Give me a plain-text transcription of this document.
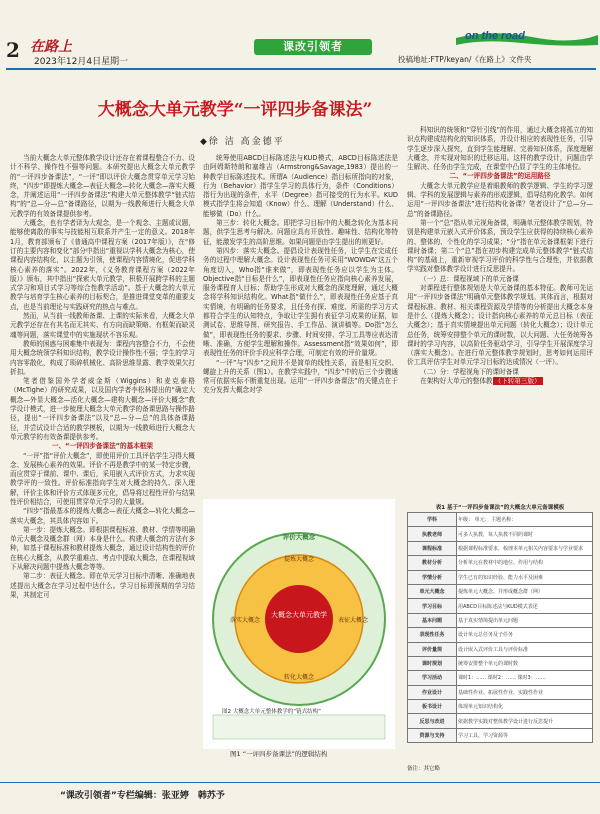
2 在路上
2023年12月4日星期一
课改引领者
on the road
投稿地址:FTP/keyan/《在路上》文件夹
大概念大单元教学“一评四步备课法”
◆徐 洁 高金德平

当前大概念大单元整体教学设计还存在着课程整合不力、设计不科学、操作性不强等问题。本研究提出大概念大单元教学的“一评四步备课法”，“一评”即以评价大概念贯穿单元学习始终，“四步”即提炼大概念—表征大概念—转化大概念—落实大概念，并阐述运用“一评四步备课法”构建大单元整体教学“链式结构”的“总—分—总”备课路径，以期为一线教师进行大概念大单元教学的有效备课提供参考。

大概念，也有学者译为大观念，是一个观念、主题或议题，能够使离散的事实与技能相互联系并产生一定的意义。2018年1月，教育部颁布了《普通高中课程方案（2017年版）》，在“修订的主要内容和变化”部分中指出“重视以学科大概念为核心，使课程内容结构化，以主题为引领，使课程内容情境化，促进学科核心素养的落实”。2022年，《义务教育课程方案（2022年版）》颁布，其中指出“探索大单元教学，积极开展跨学科的主题式学习和项目式学习等综合性教学活动”。基于大概念的大单元教学与培育学生核心素养的目标契合，是推进课堂变革的重要支点，也是当前理论与实践研究的热点与难点。

然而，从当前一线教师备课、上课的实际来看，大概念大单元教学还存在有其名而无其实、有方向而缺策略、有框架而缺灵魂等问题，落实课堂中的实施现状不容乐观。

教师的困惑与困难集中表现为：课程内容整合不力，不会使用大概念统领学科知识结构，教学设计操作性不强；学生的学习内容零散化，构成了琐碎机械化、高阶思维显露、教学效果欠打折扣。

笔者借鉴国外学者威金斯（Wiggins）和麦克泰格（McTighe）的研究成果，以及国内学者李松林提出的“确定大概念—外显大概念—活化大概念—建构大概念—评价大概念”教学设计模式，进一步梳理大概念大单元教学的备课思路与操作路径，提出“一评四步备课法”以及“总—分—总”的具体备课路径，并尝试设计合适的教学模板，以期为一线教师进行大概念大单元教学的有效备课提供参考。

一、“一评四步备课法”的基本框架

“一评”指“评价大概念”，即使用评价工具评估学生习得大概念、发展核心素养的效果。评价不再是教学中的某一特定步骤，而应贯穿于课前、课中、课后，采用嵌入式评价方式，力求实现教学评的一致性。评价标准指向学生对大概念的持久、深入理解，评价主体和评价方式体现多元化，倡导将过程性评价与结果性评价相结合，可使用贯穿单元学习的大量规。

“四步”指最基本的提炼大概念—表征大概念—转化大概念—落实大概念，其具体内容如下。

第一步：提炼大概念。即根据课程标准、教材、学情等明确单元大概念及概念群（网）本身是什么。构建大概念的方法有多种，如基于课程标准和教材提炼大概念，通过设计结构性的评价在核心大概念，从教学重难点、考点中提取大概念，在课程视域下从解决问题中提炼大概念等等。

第二步：表征大概念。即在单元学习目标中清晰、准确地表述提出大概念在学习过程中达什么。学习目标即预期的学习结果，其制定可

统筹使用ABCD目标陈述法与KUD模式，ABCD目标陈述法是由阿姆斯特朗和塞维吉（Armstrong&Savage,1983）提出的一种教学目标陈述技术。所谓A（Audience）指目标所指向的对象，行为（Behavior）指学生学习的具体行为，条件（Conditions）指行为出现的条件，水平（Degree）指可接受的行为水平。KUD模式指学生将会知道（Know）什么、理解（Understand）什么、能够做（Do）什么。

第三步：转化大概念。即把学习目标中的大概念转化为基本问题，供学生思考与解决。问题应具有开放性、趣味性、结构化等特征，能激发学生的高阶思维。如果问题是由学生提出的则更好。

第四步：落实大概念。提倡设计表现性任务，让学生在完成任务的过程中理解大概念。设计表现性任务可采用“WOWDA”这五个角度切入，Who指“谁来做”，即表现性任务应以学生为主体。Objective指“目标是什么”，即表现性任务应指向核心素养发展，服务课程育人目标；帮助学生形成对大概念的深度理解，通过大概念将学科知识结构化。What指“做什么”，即表现性任务应基于真实情境，有明确的任务要求，且任务有探、难度、所需的学习方式都符合学生的认知特点，争取让学生拥有表征学习成果的证据，如测试卷、思维导图、研究报告、手工作品、演讲稿等。Do指“怎么做”，即表现性任务的要求、步骤、时间安排、学习工具等应表达清晰、准确，方便学生理解和操作。Assessment指“效果如何”，即表现性任务的评价手段应科学合理，可制定有效的评价量规。

“一评”与“四步”之间并不是简单的线性关系，而是相互交织、螺旋上升的关系（图1）。在教学实践中，“四步”中的后三个步骤通常可依据实际不断重复出现。运用“一评四步备课法”的关键点在于充分发挥大概念对学

科知识的统领和“穿针引线”的作用，通过大概念将孤立的知识点构建成结构化的知识体系，并设计相应的表现性任务，引导学生逐步深入探究，直到学生能理解、完善知识体系，深度理解大概念，并实现对知识的迁移运用。这样的教学设计，问题由学生解决、任务由学生完成，在课堂中凸显了学生的主体地位。

二、“一评四步备课法”的运用路径

大概念大单元教学应是着眼教师的教学逻辑、学生的学习逻辑、学科的发展逻辑与素养的形成逻辑，倡导结构化教学。如何运用“一评四步备课法”进行结构化备课？笔者设计了“总—分—总”的备课路径。

第一个“总”指从单元视角备课，明确单元整体教学规划，特别是构建单元嵌入式评价体系，预设学生应获得的持续核心素养的、整体的、个性化的学习成果；“分”指在单元备课框架下进行课时备课；第二个“总”指在初步构建完成单元整体教学“链式结构”的基础上，重新审视学习评价的科学性与合理性，并依据教学实践对整体教学设计进行反思提升。

（一）总：课程视域下的单元备课

对课程进行整体规划是大单元备课的基本特征。教师可先运用“一评四步备课法”明确单元整体教学规划。其体而言，根据对课程标准、教材、相关课程资源及学情等的分析提出大概念本身是什么（提炼大概念）；设计指向核心素养的单元总目标（表征大概念）；基于真实情境提出单元问题（转化大概念）；设计单元总任务，统筹安排整个单元的课时数，以大问题、大任务统筹各课时的学习内容，以高阶任务驱动学习，引导学生开展深度学习（落实大概念）。在进行单元整体教学规划时，思考如何运用评价工具评估学生对单元学习目标的达成情况（一评）。

（二）分：学程视角下的课时备课

在架构好大单元的整体教 （下转第三版）

大概念大单元教学
提炼大概念
表征大概念
转化大概念
落实大概念
评价大概念
图2 大概念大单元整体教学的“链式结构”
图1 “一评四步备课法”的逻辑结构
表1 基于“一评四步备课法”的大概念大单元备课模板
学科	年级： 单元： 主题名称：
执教老师	可多人执教，每人执教不同的课时
课程标准	根据课程标准要求，梳理本单元相关内容要求与学业要求
教材分析	分析单元在教材中的地位、作用与结构
学情分析	学生已有的知识经验、能力水平及困难
单元大概念	提炼单元大概念，并形成概念群（网）
学习目标	用ABCD目标陈述法与KUD模式表述
基本问题	基于真实情境提出单元问题
表现性任务	设计单元总任务及子任务
评价量规	设计嵌入式评价工具与评价标准
课时规划	统筹安排整个单元的课时数
学习活动	课时1：…… 课时2：…… 课时3：……
作业设计	基础性作业、拓展性作业、实践性作业
板书设计	体现单元知识结构化
反思与改进	依据教学实践对整体教学设计进行反思提升
资源与支持	学习工具、学习资源等
备注：其它略
“课改引领者”专栏编辑：张亚婷　韩苏予
